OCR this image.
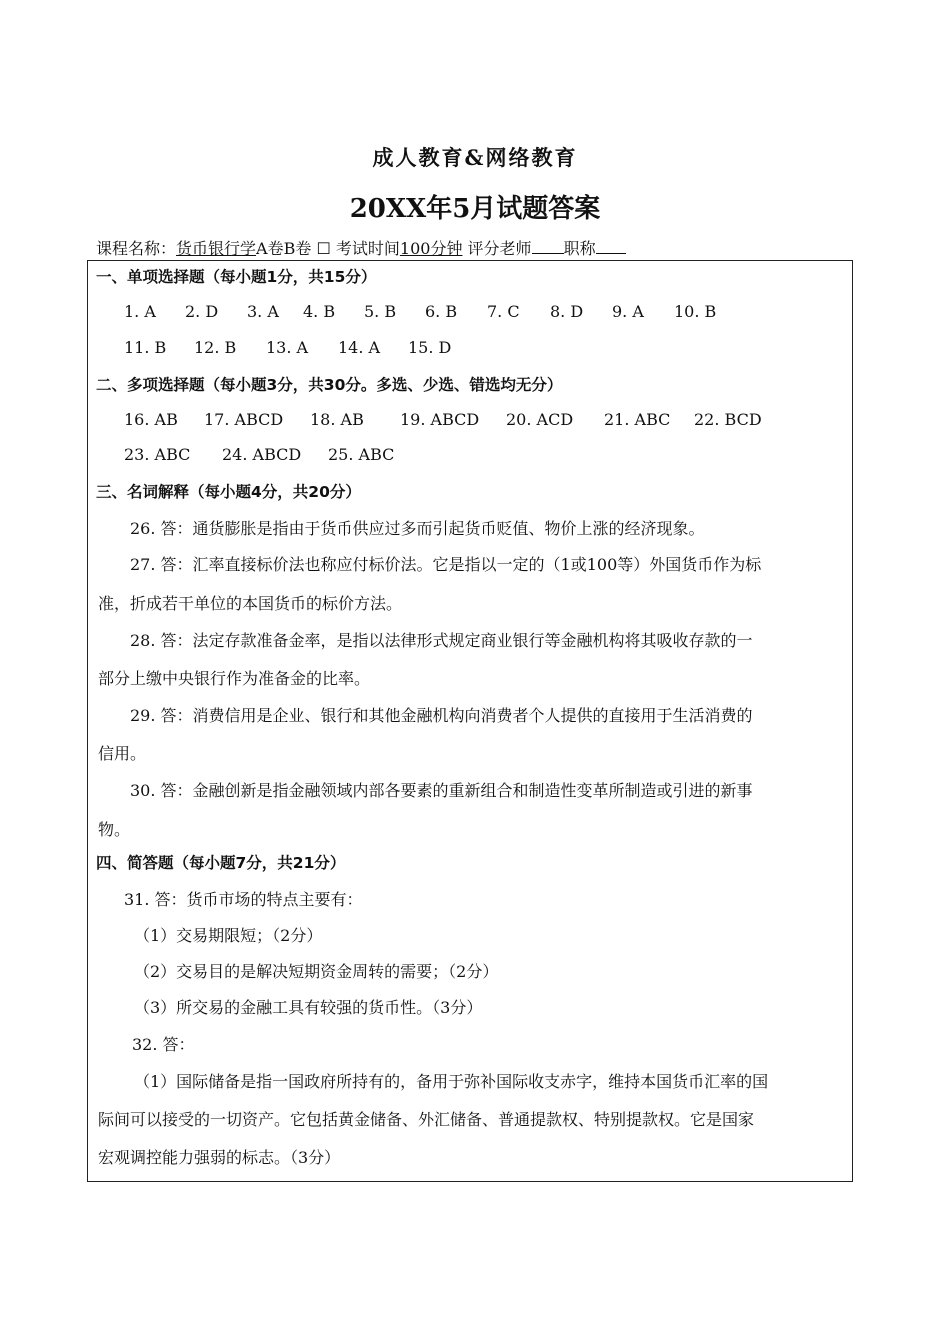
成人教育&网络教育
20XX年5月试题答案
课程名称：货币银行学A卷B卷 ☐ 考试时间100分钟 评分老师 职称
一、单项选择题（每小题1分，共15分）
1. A 2. D 3. A 4. B 5. B 6. B 7. C 8. D 9. A 10. B
11. B 12. B 13. A 14. A 15. D
二、多项选择题（每小题3分，共30分。多选、少选、错选均无分）
16. AB 17. ABCD 18. AB 19. ABCD 20. ACD 21. ABC 22. BCD
23. ABC 24. ABCD 25. ABC
三、名词解释（每小题4分，共20分）
26. 答：通货膨胀是指由于货币供应过多而引起货币贬值、物价上涨的经济现象。
27. 答：汇率直接标价法也称应付标价法。它是指以一定的（1或100等）外国货币作为标
准，折成若干单位的本国货币的标价方法。
28. 答：法定存款准备金率，是指以法律形式规定商业银行等金融机构将其吸收存款的一
部分上缴中央银行作为准备金的比率。
29. 答：消费信用是企业、银行和其他金融机构向消费者个人提供的直接用于生活消费的
信用。
30. 答：金融创新是指金融领域内部各要素的重新组合和制造性变革所制造或引进的新事
物。
四、简答题（每小题7分，共21分）
31. 答：货币市场的特点主要有：
（1）交易期限短；（2分）
（2）交易目的是解决短期资金周转的需要；（2分）
（3）所交易的金融工具有较强的货币性。（3分）
32. 答：
（1）国际储备是指一国政府所持有的，备用于弥补国际收支赤字，维持本国货币汇率的国
际间可以接受的一切资产。它包括黄金储备、外汇储备、普通提款权、特别提款权。它是国家
宏观调控能力强弱的标志。（3分）
